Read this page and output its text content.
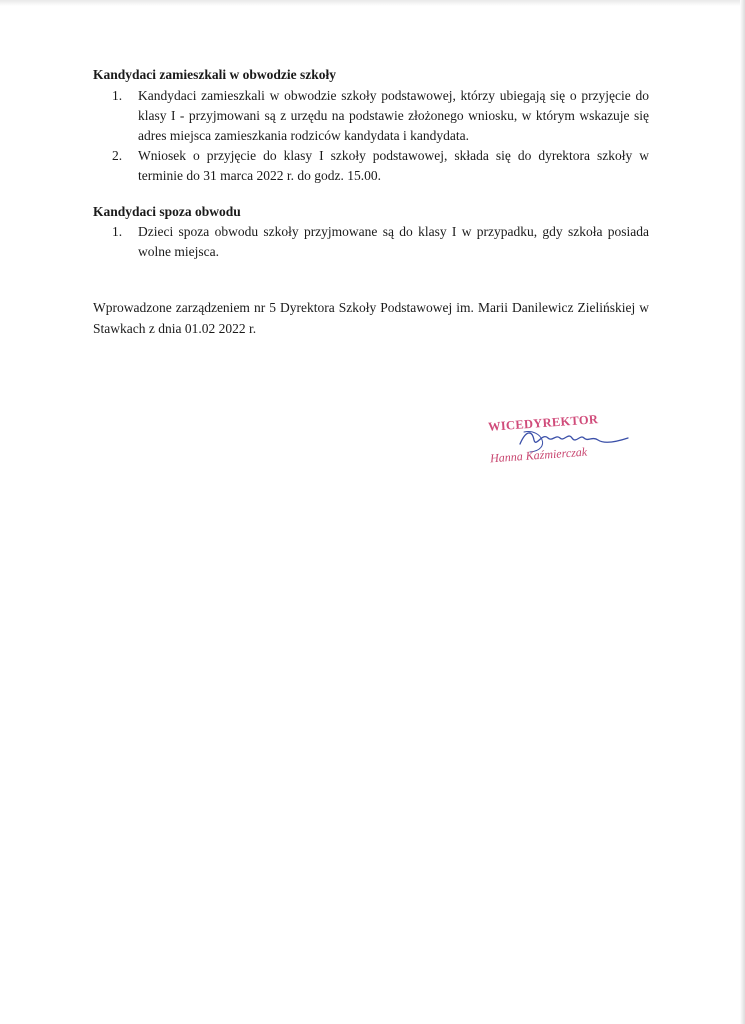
Kandydaci zamieszkali w obwodzie szkoły
1.	Kandydaci zamieszkali w obwodzie szkoły podstawowej, którzy ubiegają się o przyjęcie do klasy I - przyjmowani są z urzędu na podstawie złożonego wniosku, w którym wskazuje się adres miejsca zamieszkania rodziców kandydata i kandydata.
2.	Wniosek o przyjęcie do klasy I szkoły podstawowej, składa się do dyrektora szkoły w terminie do 31 marca 2022 r. do godz. 15.00.
Kandydaci spoza obwodu
1.	Dzieci spoza obwodu szkoły przyjmowane są do klasy I w przypadku, gdy szkoła posiada wolne miejsca.
Wprowadzone zarządzeniem nr 5 Dyrektora Szkoły Podstawowej im. Marii Danilewicz Zielińskiej w Stawkach z dnia 01.02 2022 r.
WICEDYREKTOR
Hanna Kaźmierczak
